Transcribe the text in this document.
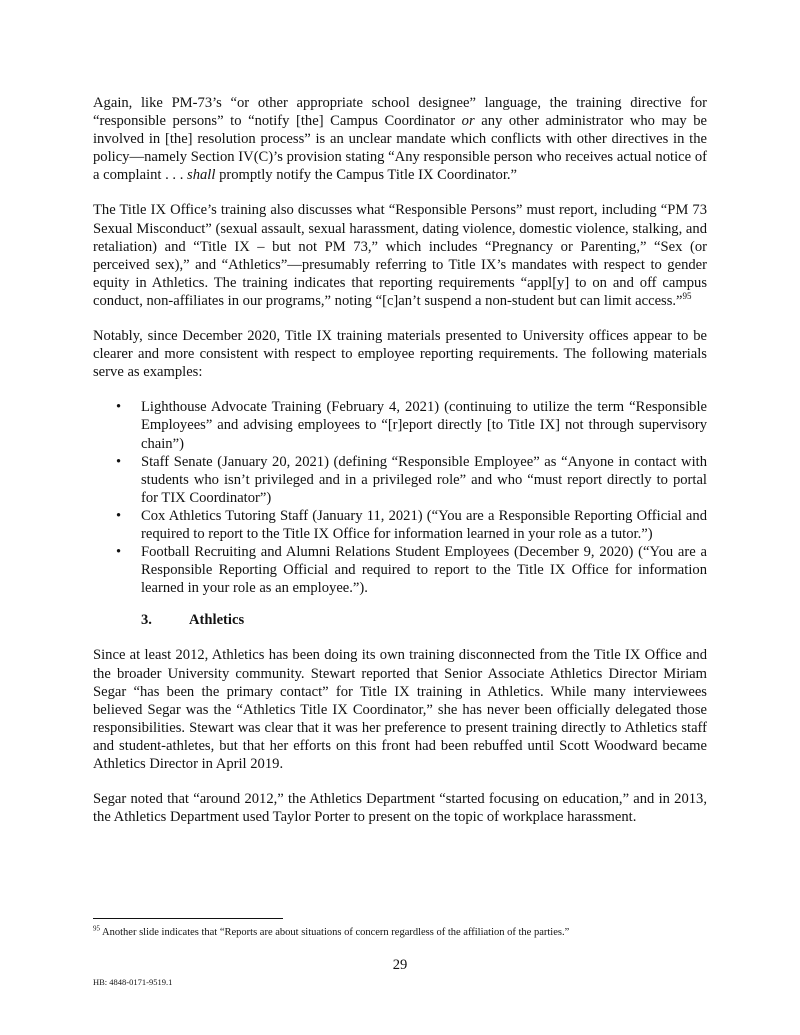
Again, like PM-73’s “or other appropriate school designee” language, the training directive for “responsible persons” to “notify [the] Campus Coordinator or any other administrator who may be involved in [the] resolution process” is an unclear mandate which conflicts with other directives in the policy—namely Section IV(C)’s provision stating “Any responsible person who receives actual notice of a complaint . . . shall promptly notify the Campus Title IX Coordinator.”

The Title IX Office’s training also discusses what “Responsible Persons” must report, including “PM 73 Sexual Misconduct” (sexual assault, sexual harassment, dating violence, domestic violence, stalking, and retaliation) and “Title IX – but not PM 73,” which includes “Pregnancy or Parenting,” “Sex (or perceived sex),” and “Athletics”—presumably referring to Title IX’s mandates with respect to gender equity in Athletics. The training indicates that reporting requirements “appl[y] to on and off campus conduct, non-affiliates in our programs,” noting “[c]an’t suspend a non-student but can limit access.”$^{95}$

Notably, since December 2020, Title IX training materials presented to University offices appear to be clearer and more consistent with respect to employee reporting requirements. The following materials serve as examples:

• Lighthouse Advocate Training (February 4, 2021) (continuing to utilize the term “Responsible Employees” and advising employees to “[r]eport directly [to Title IX] not through supervisory chain”)
• Staff Senate (January 20, 2021) (defining “Responsible Employee” as “Anyone in contact with students who isn’t privileged and in a privileged role” and who “must report directly to portal for TIX Coordinator”)
• Cox Athletics Tutoring Staff (January 11, 2021) (“You are a Responsible Reporting Official and required to report to the Title IX Office for information learned in your role as a tutor.”)
• Football Recruiting and Alumni Relations Student Employees (December 9, 2020) (“You are a Responsible Reporting Official and required to report to the Title IX Office for information learned in your role as an employee.”).
3.	Athletics

Since at least 2012, Athletics has been doing its own training disconnected from the Title IX Office and the broader University community. Stewart reported that Senior Associate Athletics Director Miriam Segar “has been the primary contact” for Title IX training in Athletics. While many interviewees believed Segar was the “Athletics Title IX Coordinator,” she has never been officially delegated those responsibilities. Stewart was clear that it was her preference to present training directly to Athletics staff and student-athletes, but that her efforts on this front had been rebuffed until Scott Woodward became Athletics Director in April 2019.

Segar noted that “around 2012,” the Athletics Department “started focusing on education,” and in 2013, the Athletics Department used Taylor Porter to present on the topic of workplace harassment.

$^{95}$ Another slide indicates that “Reports are about situations of concern regardless of the affiliation of the parties.”
29
HB: 4848-0171-9519.1
